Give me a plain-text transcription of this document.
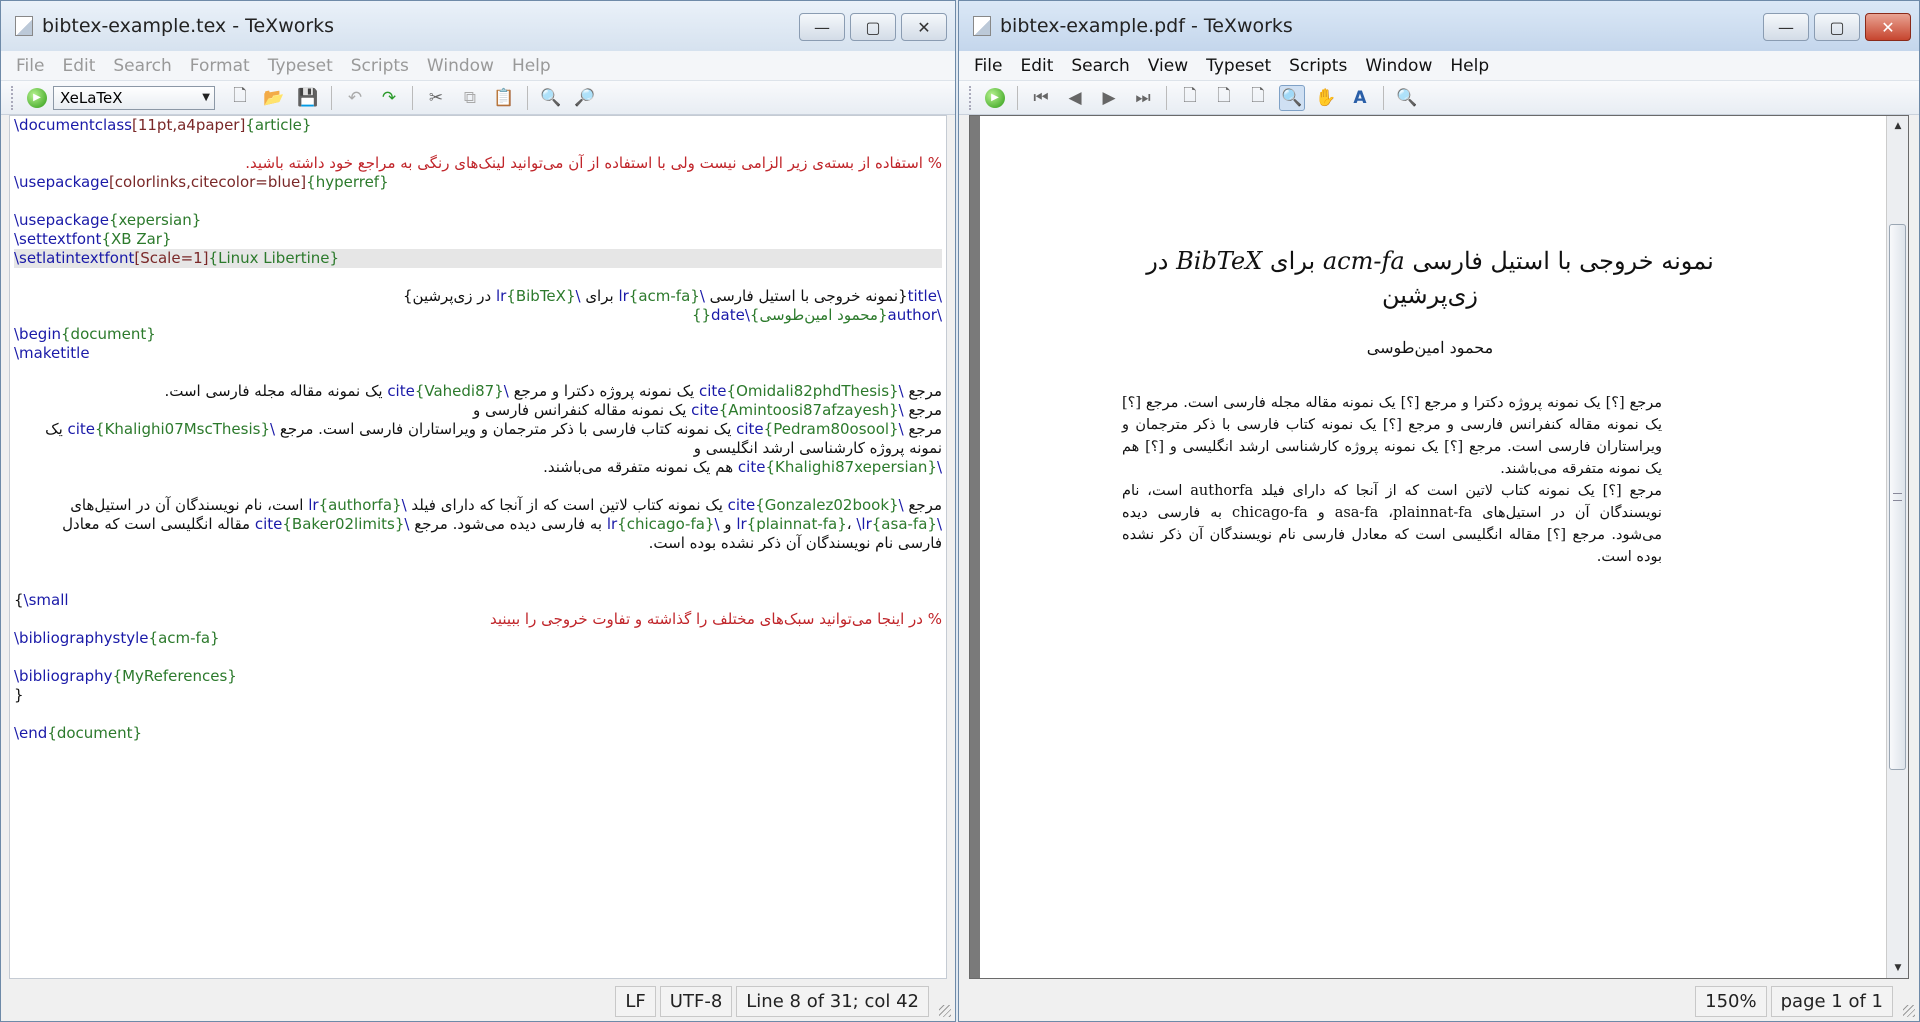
bibtex-example.tex - TeXworks	—	▢	✕
File	Edit	Search	Format	Typeset	Scripts	Window	Help
▶	XeLaTeX	▼	🗋 📂 💾	↶	↷	✂	⧉	📋 🔍 🔎
\documentclass[11pt,a4paper]{article}

% استفاده از بسته‌ی زیر الزامی نیست ولی با استفاده از آن می‌توانید لینک‌های رنگی به مراجع خود داشته باشید.
\usepackage[colorlinks,citecolor=blue]{hyperref}

\usepackage{xepersian}
\settextfont{XB Zar}
\setlatintextfont[Scale=1]{Linux Libertine}

\title{نمونه خروجی با استیل فارسی \lr{acm-fa} برای \lr{BibTeX} در زی‌پرشین}
\author{محمود امین‌طوسی}\date{}
\begin{document}
\maketitle

مرجع \cite{Omidali82phdThesis} یک نمونه پروژه دکترا و مرجع \cite{Vahedi87} یک نمونه مقاله مجله فارسی است.
مرجع \cite{Amintoosi87afzayesh} یک نمونه مقاله کنفرانس فارسی و
مرجع \cite{Pedram80osool} یک نمونه کتاب فارسی با ذکر مترجمان و ویراستاران فارسی است. مرجع \cite{Khalighi07MscThesis} یک
نمونه پروژه کارشناسی ارشد انگلیسی و
\cite{Khalighi87xepersian} هم یک نمونه متفرقه می‌باشند.

مرجع \cite{Gonzalez02book} یک نمونه کتاب لاتین است که از آنجا که دارای فیلد \lr{authorfa} است، نام نویسندگان آن در استیل‌های
\lr{plainnat-fa}، \lr{asa-fa} و \lr{chicago-fa} به فارسی دیده می‌شود. مرجع \cite{Baker02limits} مقاله انگلیسی است که معادل
فارسی نام نویسندگان آن ذکر نشده بوده است.

{\small
% در اینجا می‌توانید سبک‌های مختلف را گذاشته و تفاوت خروجی را ببینید
\bibliographystyle{acm-fa}

\bibliography{MyReferences}
}

\end{document}
LF	UTF-8	Line 8 of 31; col 42
bibtex-example.pdf - TeXworks	—	▢	✕
File	Edit	Search	View	Typeset	Scripts	Window	Help
▶	⏮	◀	▶	⏭	🗋	🗋	🗋 🔍 ✋ A	🔍
نمونه خروجی با استیل فارسی acm-fa برای BibTeX در زی‌پرشین
محمود امین‌طوسی

مرجع [؟] یک نمونه پروژه دکترا و مرجع [؟] یک نمونه مقاله مجله فارسی است. مرجع [؟] یک نمونه مقاله کنفرانس فارسی و مرجع [؟] یک نمونه کتاب فارسی با ذکر مترجمان و ویراستاران فارسی است. مرجع [؟] یک نمونه پروژه کارشناسی ارشد انگلیسی و [؟] هم یک نمونه متفرقه می‌باشند.

مرجع [؟] یک نمونه کتاب لاتین است که از آنجا که دارای فیلد authorfa است، نام نویسندگان آن در استیل‌های asa-fa ،plainnat-fa و chicago-fa به فارسی دیده می‌شود. مرجع [؟] مقاله انگلیسی است که معادل فارسی نام نویسندگان آن ذکر نشده بوده است.

▲
▼
150%	page 1 of 1
